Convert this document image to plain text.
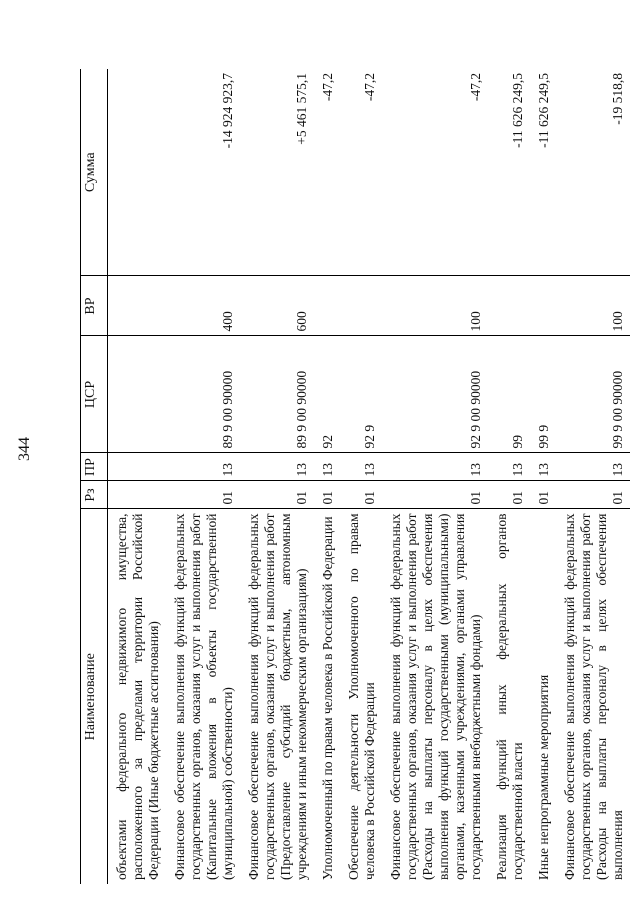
344
Наименование	Рз	ПР	ЦСР	ВР	Сумма
объектами федерального недвижимого имущества, расположенного за пределами территории Российской Федерации (Иные бюджетные ассигнования)					
Финансовое обеспечение выполнения функций федеральных государственных органов, оказания услуг и выполнения работ (Капитальные вложения в объекты государственной (муниципальной) собственности)	01	13	89 9 00 90000	400	-14 924 923,7
Финансовое обеспечение выполнения функций федеральных государственных органов, оказания услуг и выполнения работ (Предоставление субсидий бюджетным, автономным учреждениям и иным некоммерческим организациям)	01	13	89 9 00 90000	600	+5 461 575,1
Уполномоченный по правам человека в Российской Федерации	01	13	92		-47,2
Обеспечение деятельности Уполномоченного по правам человека в Российской Федерации	01	13	92 9		-47,2
Финансовое обеспечение выполнения функций федеральных государственных органов, оказания услуг и выполнения работ (Расходы на выплаты персоналу в целях обеспечения выполнения функций государственными (муниципальными) органами, казенными учреждениями, органами управления государственными внебюджетными фондами)	01	13	92 9 00 90000	100	-47,2
Реализация функций иных федеральных органов государственной власти	01	13	99		-11 626 249,5
Иные непрограммные мероприятия	01	13	99 9		-11 626 249,5
Финансовое обеспечение выполнения функций федеральных государственных органов, оказания услуг и выполнения работ (Расходы на выплаты персоналу в целях обеспечения выполнения	01	13	99 9 00 90000	100	-19 518,8
